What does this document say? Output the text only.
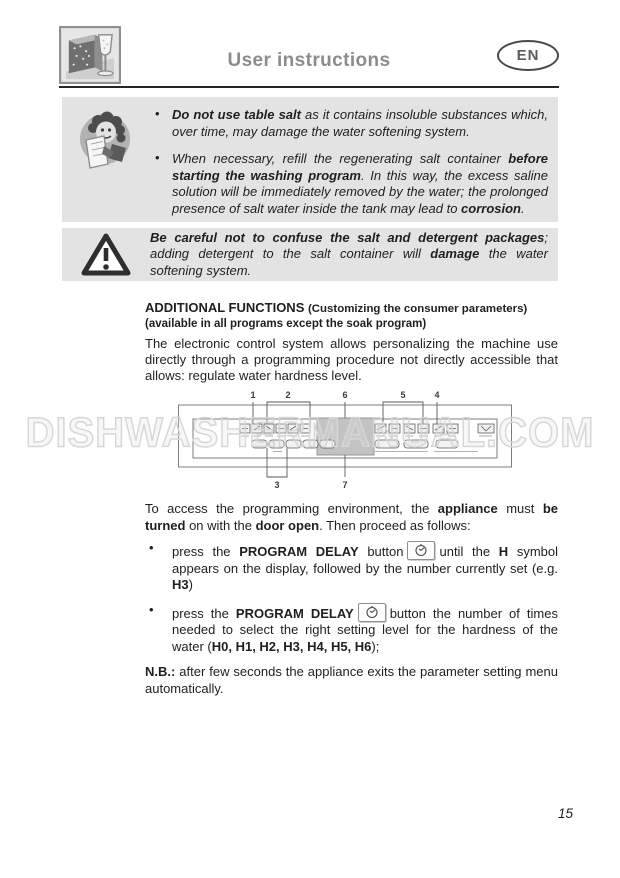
User instructions	EN
• Do not use table salt as it contains insoluble substances which, over time, may damage the water softening system.
• When necessary, refill the regenerating salt container before starting the washing program. In this way, the excess saline solution will be immediately removed by the water; the prolonged presence of salt water inside the tank may lead to corrosion.

Be careful not to confuse the salt and detergent packages; adding detergent to the salt container will damage the water softening system.

ADDITIONAL FUNCTIONS (Customizing the consumer parameters)

(available in all programs except the soak program)

The electronic control system allows personalizing the machine use directly through a programming procedure not directly accessible that allows: regulate water hardness level.

1	2	6	5	4
3	7
DISHWASHERMANUAL.COM

To access the programming environment, the appliance must be turned on with the door open. Then proceed as follows:

• press the PROGRAM DELAY button	until the H symbol appears on the display, followed by the number currently set (e.g. H3)
• press the PROGRAM DELAY	button the number of times needed to select the right setting level for the hardness of the water (H0, H1, H2, H3, H4, H5, H6);

N.B.: after few seconds the appliance exits the parameter setting menu automatically.

15
